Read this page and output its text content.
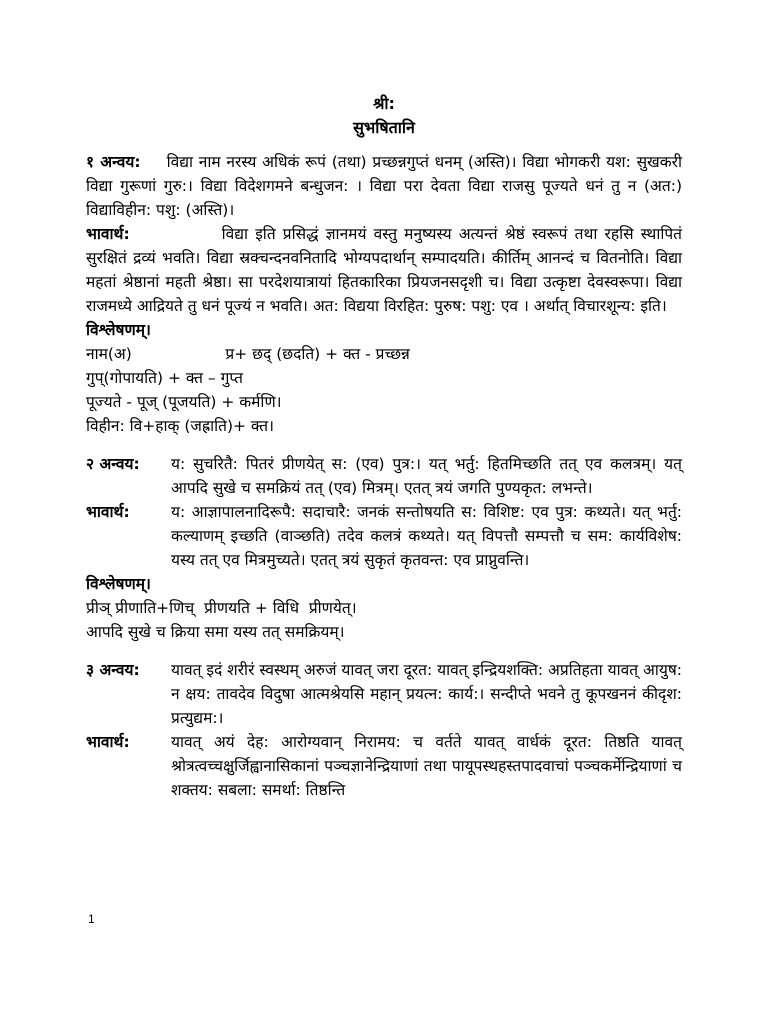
श्री:
सुभषितानि

१ अन्वय: विद्या नाम नरस्य अधिकं रूपं (तथा) प्रच्छन्नगुप्तं धनम् (अस्ति)। विद्या भोगकरी यश: सुखकरी विद्या गुरूणां गुरु:। विद्या विदेशगमने बन्धुजन: । विद्या परा देवता विद्या राजसु पूज्यते धनं तु न (अत:) विद्याविहीन: पशु: (अस्ति)।

भावार्थ:	विद्या इति प्रसिद्धं ज्ञानमयं वस्तु मनुष्यस्य अत्यन्तं श्रेष्ठं स्वरूपं तथा रहसि स्थापितं सुरक्षितं द्रव्यं भवति। विद्या स्रक्चन्दनवनितादि भोग्यपदार्थान् सम्पादयति। कीर्तिम् आनन्दं च वितनोति। विद्या महतां श्रेष्ठानां महती श्रेष्ठा। सा परदेशयात्रायां हितकारिका प्रियजनसदृशी च। विद्या उत्कृष्टा देवस्वरूपा। विद्या राजमध्ये आद्रियते तु धनं पूज्यं न भवति। अत: विद्यया विरहित: पुरुष: पशु: एव । अर्थात् विचारशून्य: इति।

विश्लेषणम्।
नाम(अ)                   प्र+ छद् (छदति) + क्त - प्रच्छन्न
गुप्(गोपायति) + क्त – गुप्त
पूज्यते - पूज् (पूजयति) + कर्मणि।
विहीन: वि+हाक् (जह्राति)+ क्त।
२ अन्वय:	य: सुचरितै: पितरं प्रीणयेत् स: (एव) पुत्र:। यत् भर्तु: हितमिच्छति तत् एव कलत्रम्। यत् आपदि सुखे च समक्रियं तत् (एव) मित्रम्। एतत् त्रयं जगति पुण्यकृत: लभन्ते।
भावार्थ:	य: आज्ञापालनादिरूपै: सदाचारै: जनकं सन्तोषयति स: विशिष्ट: एव पुत्र: कथ्यते। यत् भर्तु: कल्याणम् इच्छति (वाञ्छति) तदेव कलत्रं कथ्यते। यत् विपत्तौ सम्पत्तौ च सम: कार्यविशेष: यस्य तत् एव मित्रमुच्यते। एतत् त्रयं सुकृतं कृतवन्त: एव प्राप्नुवन्ति।
विश्लेषणम्।
प्रीञ् प्रीणाति+णिच्  प्रीणयति + विधि  प्रीणयेत्।
आपदि सुखे च क्रिया समा यस्य तत् समक्रियम्।
३ अन्वय:	यावत् इदं शरीरं स्वस्थम् अरुजं यावत् जरा दूरत: यावत् इन्द्रियशक्ति: अप्रतिहता यावत् आयुष: न क्षय: तावदेव विदुषा आत्मश्रेयसि महान् प्रयत्न: कार्य:। सन्दीप्ते भवने तु कूपखननं कीदृश: प्रत्युद्यम:।
भावार्थ:	यावत् अयं देह: आरोग्यवान् निरामय: च वर्तते यावत् वार्धकं दूरत: तिष्ठति यावत् श्रोत्रत्वच्चक्षुर्जिह्वानासिकानां पञ्चज्ञानेन्द्रियाणां तथा पायूपस्थहस्तपादवाचां पञ्चकर्मेन्द्रियाणां च शक्तय: सबला: समर्था: तिष्ठन्ति
1
